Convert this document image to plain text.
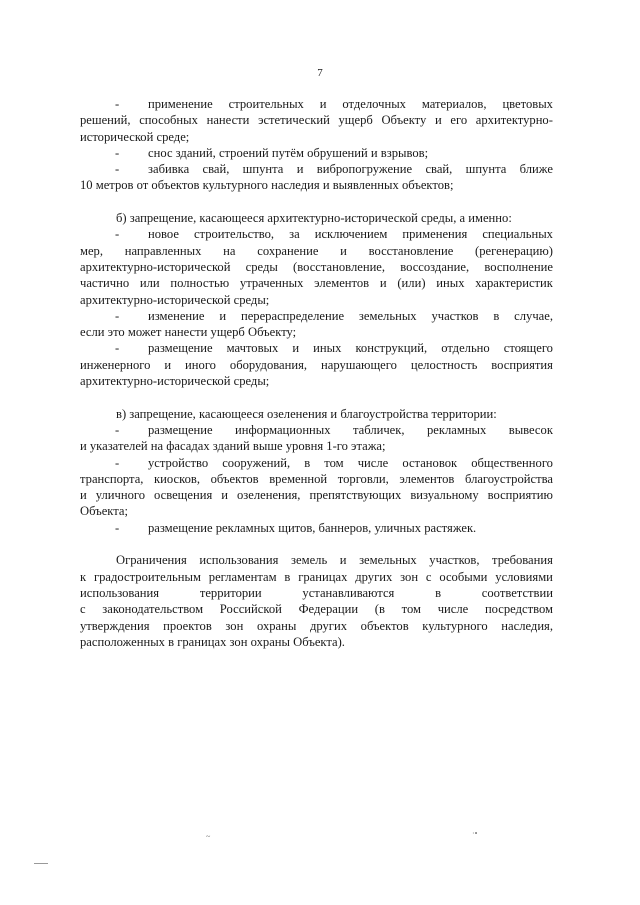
7
-	применение строительных и отделочных материалов, цветовых
решений, способных нанести эстетический ущерб Объекту и его архитектурно-
исторической среде;
-	снос зданий, строений путём обрушений и взрывов;
-	забивка свай, шпунта и вибропогружение свай, шпунта ближе
10 метров от объектов культурного наследия и выявленных объектов;
б) запрещение, касающееся архитектурно-исторической среды, а именно:
-	новое строительство, за исключением применения специальных
мер, направленных на сохранение и восстановление (регенерацию)
архитектурно-исторической среды (восстановление, воссоздание, восполнение
частично или полностью утраченных элементов и (или) иных характеристик
архитектурно-исторической среды;
-	изменение и перераспределение земельных участков в случае,
если это может нанести ущерб Объекту;
-	размещение мачтовых и иных конструкций, отдельно стоящего
инженерного и иного оборудования, нарушающего целостность восприятия
архитектурно-исторической среды;
в) запрещение, касающееся озеленения и благоустройства территории:
-	размещение информационных табличек, рекламных вывесок
и указателей на фасадах зданий выше уровня 1-го этажа;
-	устройство сооружений, в том числе остановок общественного
транспорта, киосков, объектов временной торговли, элементов благоустройства
и уличного освещения и озеленения, препятствующих визуальному восприятию
Объекта;
-	размещение рекламных щитов, баннеров, уличных растяжек.
Ограничения использования земель и земельных участков, требования
к градостроительным регламентам в границах других зон с особыми условиями
использования	территории	устанавливаются	в	соответствии
с законодательством Российской Федерации (в том числе посредством
утверждения проектов зон охраны других объектов культурного наследия,
расположенных в границах зон охраны Объекта).
~	·•
